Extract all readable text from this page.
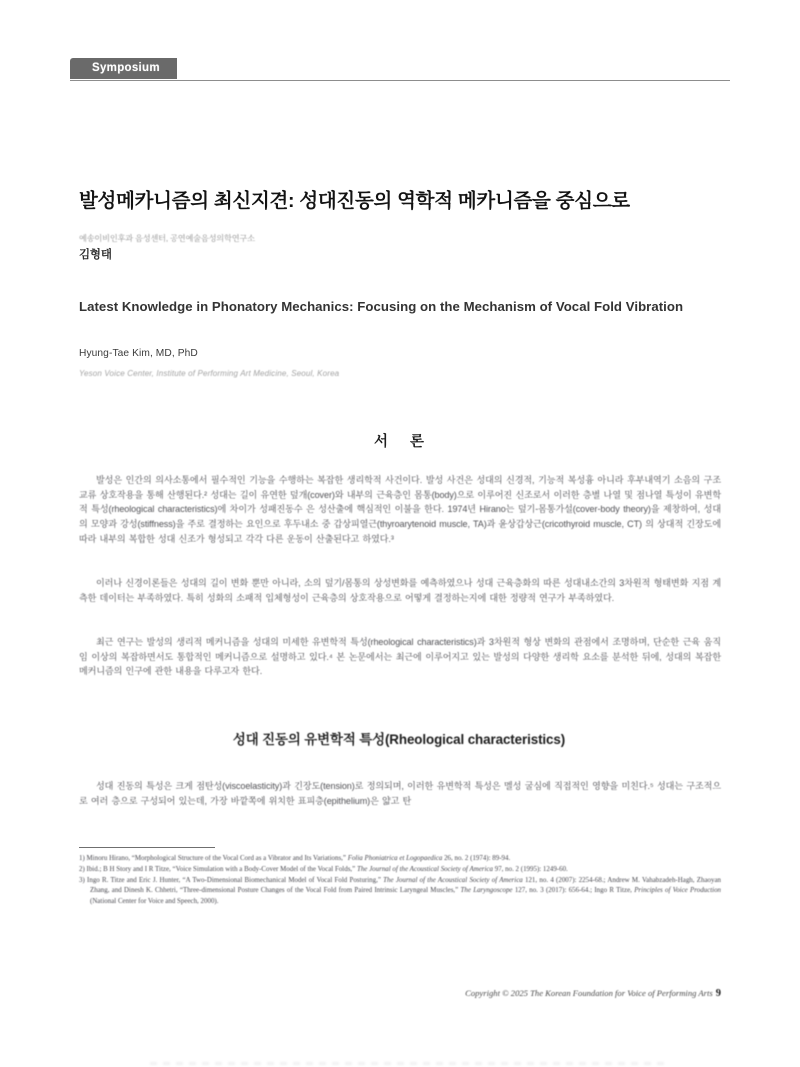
Symposium
발성메카니즘의 최신지견: 성대진동의 역학적 메카니즘을 중심으로
예송이비인후과 음성센터, 공연예술음성의학연구소
김형태
Latest Knowledge in Phonatory Mechanics: Focusing on the Mechanism of Vocal Fold Vibration
Hyung-Tae Kim, MD, PhD
Yeson Voice Center, Institute of Performing Art Medicine, Seoul, Korea
서 론

발성은 인간의 의사소통에서 필수적인 기능을 수행하는 복잡한 생리학적 사건이다. 발성 사건은 성대의 신경적, 기능적 복성흉 아니라 후부내역기 소음의 구조교류 상호작용을 통해 산행된다.² 성대는 길이 유연한 덮개(cover)와 내부의 근육층인 몸통(body)으로 이루어진 신조로서 이러한 층별 나열 및 점나열 특성이 유변학적 특성(rheological characteristics)에 차이가 성패진동수 은 성산출에 핵심적인 이불을 한다. 1974년 Hirano는 덮기-몸통가설(cover-body theory)을 제창하여, 성대의 모양과 강성(stiffness)을 주로 결정하는 요인으로 후두내소 중 갑상피열근(thyroarytenoid muscle, TA)과 윤상갑상근(cricothyroid muscle, CT) 의 상대적 긴장도에 따라 내부의 복합한 성대 신조가 형성되고 각각 다른 운동이 산출된다고 하였다.³

이러나 신경이론들은 성대의 길이 변화 뿐만 아니라, 소의 덮기/몸통의 상성변화를 예측하였으나 성대 근육층화의 따른 성대내소간의 3차원적 형태변화 지점 계측한 데이터는 부족하였다. 특히 성화의 소패적 입체형성이 근육층의 상호작용으로 어떻게 결정하는지에 대한 정량적 연구가 부족하였다.

최근 연구는 발성의 생리적 메커니즘을 성대의 미세한 유변학적 특성(rheological characteristics)과 3차원적 형상 변화의 관점에서 조명하며, 단순한 근육 움직임 이상의 복잡하면서도 통합적인 메커니즘으로 설명하고 있다.⁴ 본 논문에서는 최근에 이루어지고 있는 발성의 다양한 생리학 요소를 분석한 뒤에, 성대의 복잡한 메커니즘의 인구에 관한 내용을 다루고자 한다.

성대 진동의 유변학적 특성(Rheological characteristics)

성대 진동의 특성은 크게 점탄성(viscoelasticity)과 긴장도(tension)로 정의되며, 이러한 유변학적 특성은 멜성 굴심에 직접적인 영향을 미친다.⁵ 성대는 구조적으로 여러 층으로 구성되어 있는데, 가장 바깥쪽에 위치한 표피층(epithelium)은 얇고 탄

1) Minoru Hirano, “Morphological Structure of the Vocal Cord as a Vibrator and Its Variations,” Folia Phoniatrica et Logopaedica 26, no. 2 (1974): 89-94.

2) Ibid.; B H Story and I R Titze, “Voice Simulation with a Body-Cover Model of the Vocal Folds,” The Journal of the Acoustical Society of America 97, no. 2 (1995): 1249-60.

3) Ingo R. Titze and Eric J. Hunter, “A Two-Dimensional Biomechanical Model of Vocal Fold Posturing,” The Journal of the Acoustical Society of America 121, no. 4 (2007): 2254-68.; Andrew M. Vahabzadeh-Hagh, Zhaoyan Zhang, and Dinesh K. Chhetri, “Three-dimensional Posture Changes of the Vocal Fold from Paired Intrinsic Laryngeal Muscles,” The Laryngoscope 127, no. 3 (2017): 656-64.; Ingo R Titze, Principles of Voice Production (National Center for Voice and Speech, 2000).

Copyright © 2025 The Korean Foundation for Voice of Performing Arts 9
